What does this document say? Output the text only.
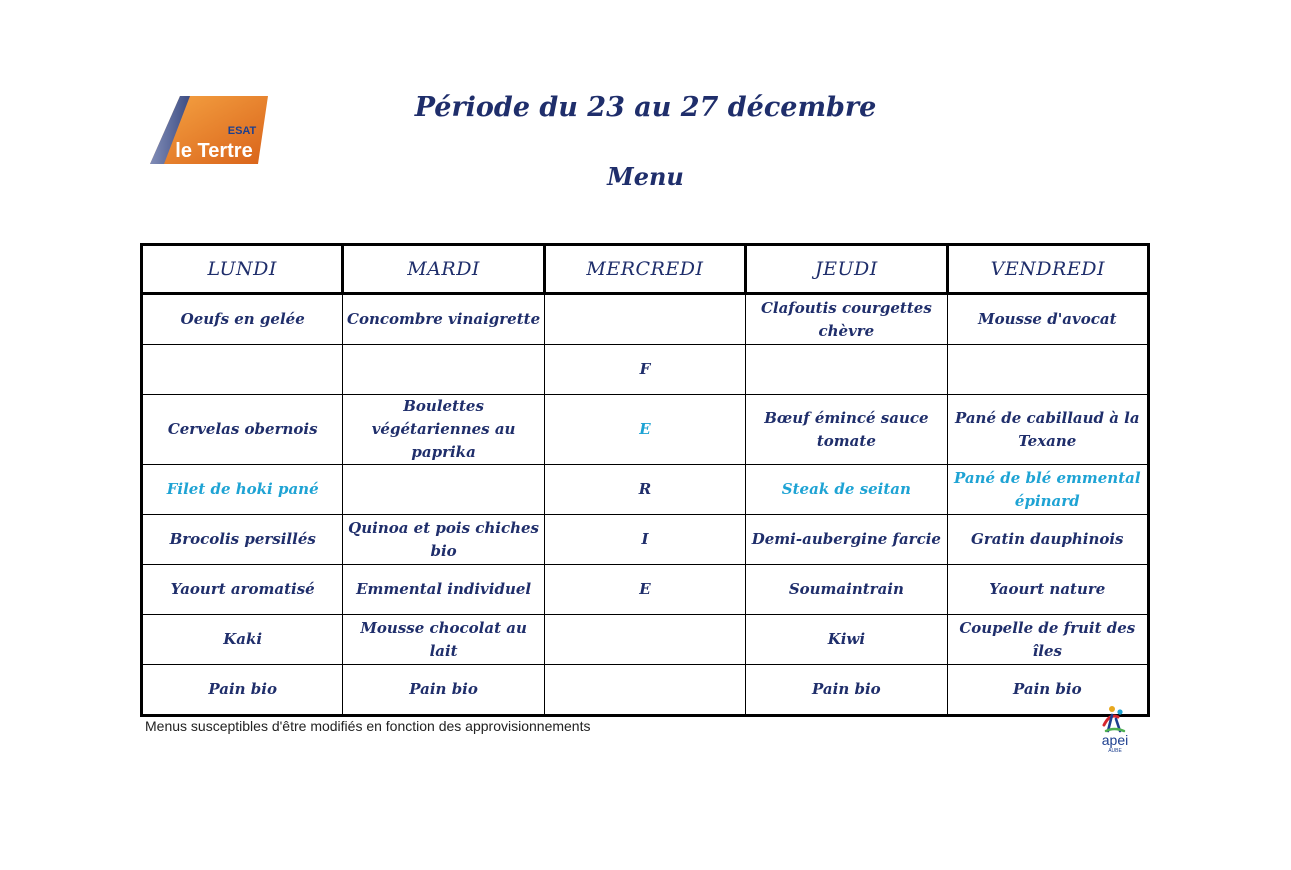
ESAT
le Tertre
Période du 23 au 27 décembre
Menu
LUNDI	MARDI	MERCREDI	JEUDI	VENDREDI
Oeufs en gelée	Concombre vinaigrette		Clafoutis courgettes chèvre	Mousse d'avocat
		F		
Cervelas obernois	Boulettes végétariennes au paprika	E	Bœuf émincé sauce tomate	Pané de cabillaud à la Texane
Filet de hoki pané		R	Steak de seitan	Pané de blé emmental épinard
Brocolis persillés	Quinoa et pois chiches bio	I	Demi-aubergine farcie	Gratin dauphinois
Yaourt aromatisé	Emmental individuel	E	Soumaintrain	Yaourt nature
Kaki	Mousse chocolat au lait		Kiwi	Coupelle de fruit des îles
Pain bio	Pain bio		Pain bio	Pain bio
Menus susceptibles d'être modifiés en fonction des approvisionnements
apei
AUBE
